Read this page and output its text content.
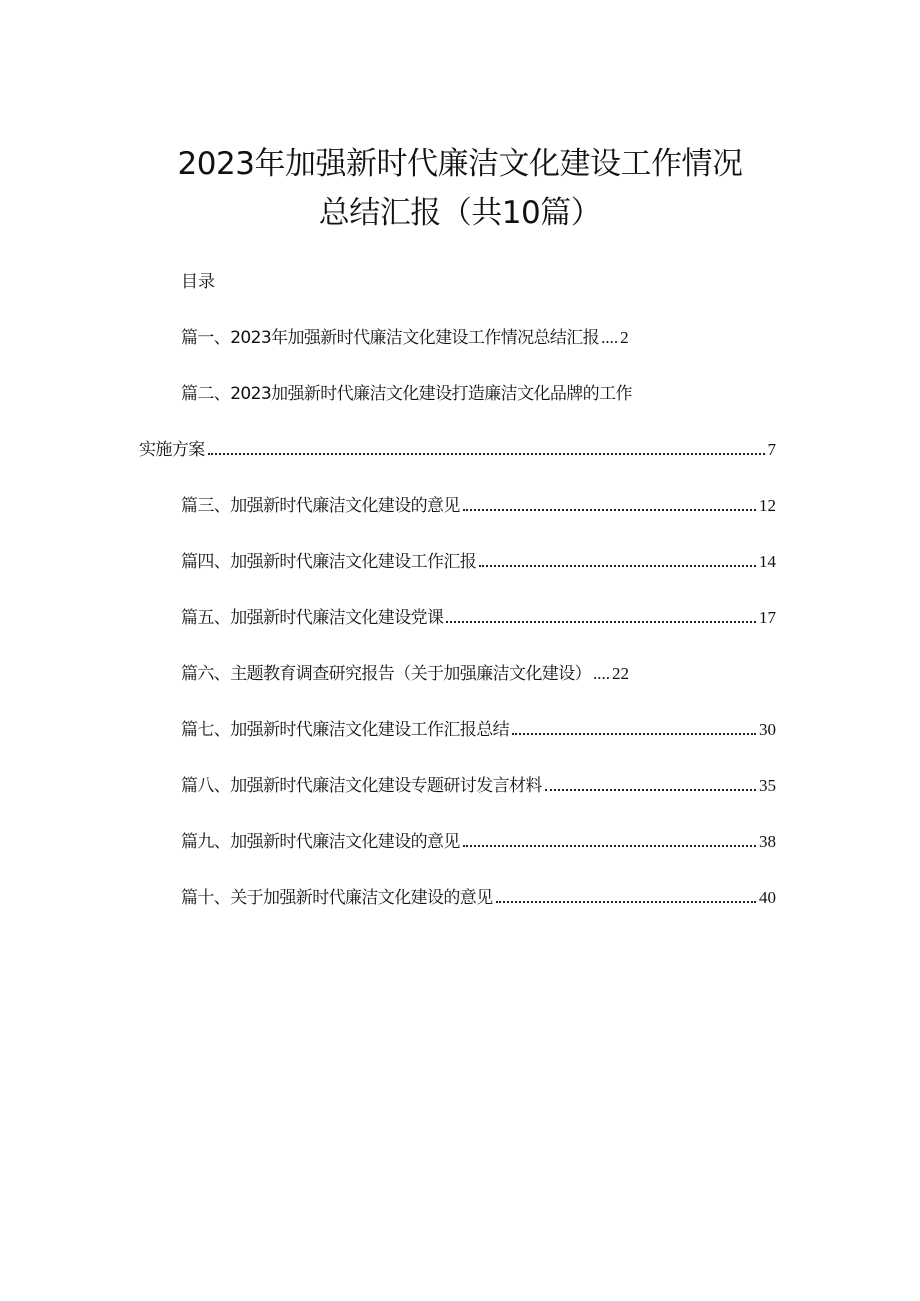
2023年加强新时代廉洁文化建设工作情况
总结汇报（共10篇）
目录
篇一、2023年加强新时代廉洁文化建设工作情况总结汇报 .... 2
篇二、2023加强新时代廉洁文化建设打造廉洁文化品牌的工作
实施方案	7
篇三、加强新时代廉洁文化建设的意见	12
篇四、加强新时代廉洁文化建设工作汇报	14
篇五、加强新时代廉洁文化建设党课	17
篇六、主题教育调查研究报告（关于加强廉洁文化建设） .... 22
篇七、加强新时代廉洁文化建设工作汇报总结	30
篇八、加强新时代廉洁文化建设专题研讨发言材料	35
篇九、加强新时代廉洁文化建设的意见	38
篇十、关于加强新时代廉洁文化建设的意见	40
